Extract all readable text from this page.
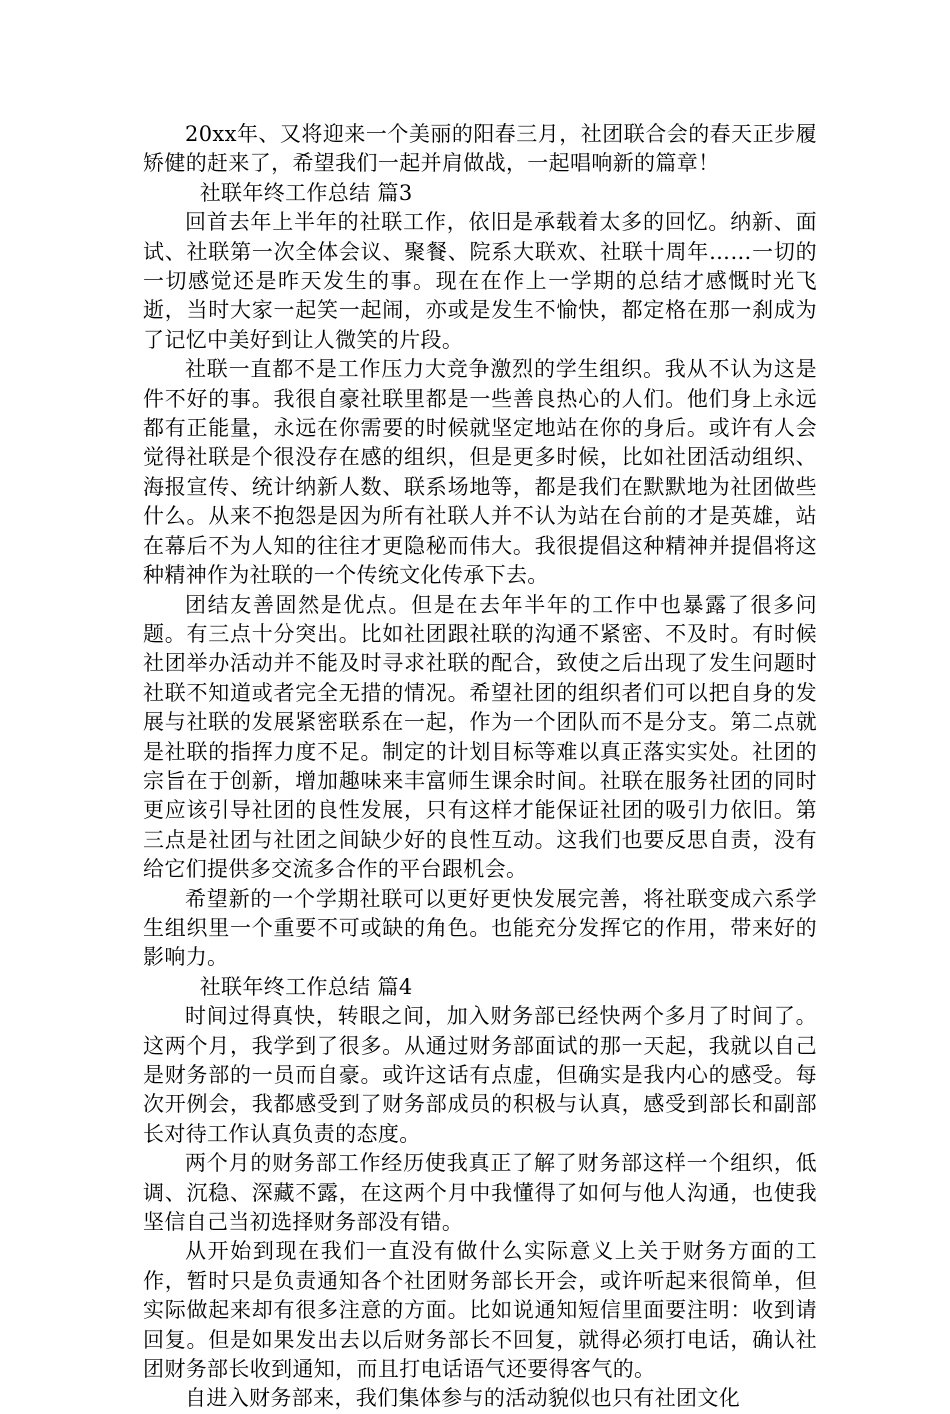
20xx年、又将迎来一个美丽的阳春三月，社团联合会的春天正步履矫健的赶来了，希望我们一起并肩做战，一起唱响新的篇章！

社联年终工作总结 篇3

回首去年上半年的社联工作，依旧是承载着太多的回忆。纳新、面试、社联第一次全体会议、聚餐、院系大联欢、社联十周年……一切的一切感觉还是昨天发生的事。现在在作上一学期的总结才感慨时光飞逝，当时大家一起笑一起闹，亦或是发生不愉快，都定格在那一刹成为了记忆中美好到让人微笑的片段。

社联一直都不是工作压力大竞争激烈的学生组织。我从不认为这是件不好的事。我很自豪社联里都是一些善良热心的人们。他们身上永远都有正能量，永远在你需要的时候就坚定地站在你的身后。或许有人会觉得社联是个很没存在感的组织，但是更多时候，比如社团活动组织、海报宣传、统计纳新人数、联系场地等，都是我们在默默地为社团做些什么。从来不抱怨是因为所有社联人并不认为站在台前的才是英雄，站在幕后不为人知的往往才更隐秘而伟大。我很提倡这种精神并提倡将这种精神作为社联的一个传统文化传承下去。

团结友善固然是优点。但是在去年半年的工作中也暴露了很多问题。有三点十分突出。比如社团跟社联的沟通不紧密、不及时。有时候社团举办活动并不能及时寻求社联的配合，致使之后出现了发生问题时社联不知道或者完全无措的情况。希望社团的组织者们可以把自身的发展与社联的发展紧密联系在一起，作为一个团队而不是分支。第二点就是社联的指挥力度不足。制定的计划目标等难以真正落实实处。社团的宗旨在于创新，增加趣味来丰富师生课余时间。社联在服务社团的同时更应该引导社团的良性发展，只有这样才能保证社团的吸引力依旧。第三点是社团与社团之间缺少好的良性互动。这我们也要反思自责，没有给它们提供多交流多合作的平台跟机会。

希望新的一个学期社联可以更好更快发展完善，将社联变成六系学生组织里一个重要不可或缺的角色。也能充分发挥它的作用，带来好的影响力。

社联年终工作总结 篇4

时间过得真快，转眼之间，加入财务部已经快两个多月了时间了。这两个月，我学到了很多。从通过财务部面试的那一天起，我就以自己是财务部的一员而自豪。或许这话有点虚，但确实是我内心的感受。每次开例会，我都感受到了财务部成员的积极与认真，感受到部长和副部长对待工作认真负责的态度。

两个月的财务部工作经历使我真正了解了财务部这样一个组织，低调、沉稳、深藏不露，在这两个月中我懂得了如何与他人沟通，也使我坚信自己当初选择财务部没有错。

从开始到现在我们一直没有做什么实际意义上关于财务方面的工作，暂时只是负责通知各个社团财务部长开会，或许听起来很简单，但实际做起来却有很多注意的方面。比如说通知短信里面要注明：收到请回复。但是如果发出去以后财务部长不回复，就得必须打电话，确认社团财务部长收到通知，而且打电话语气还要得客气的。

自进入财务部来，我们集体参与的活动貌似也只有社团文化
